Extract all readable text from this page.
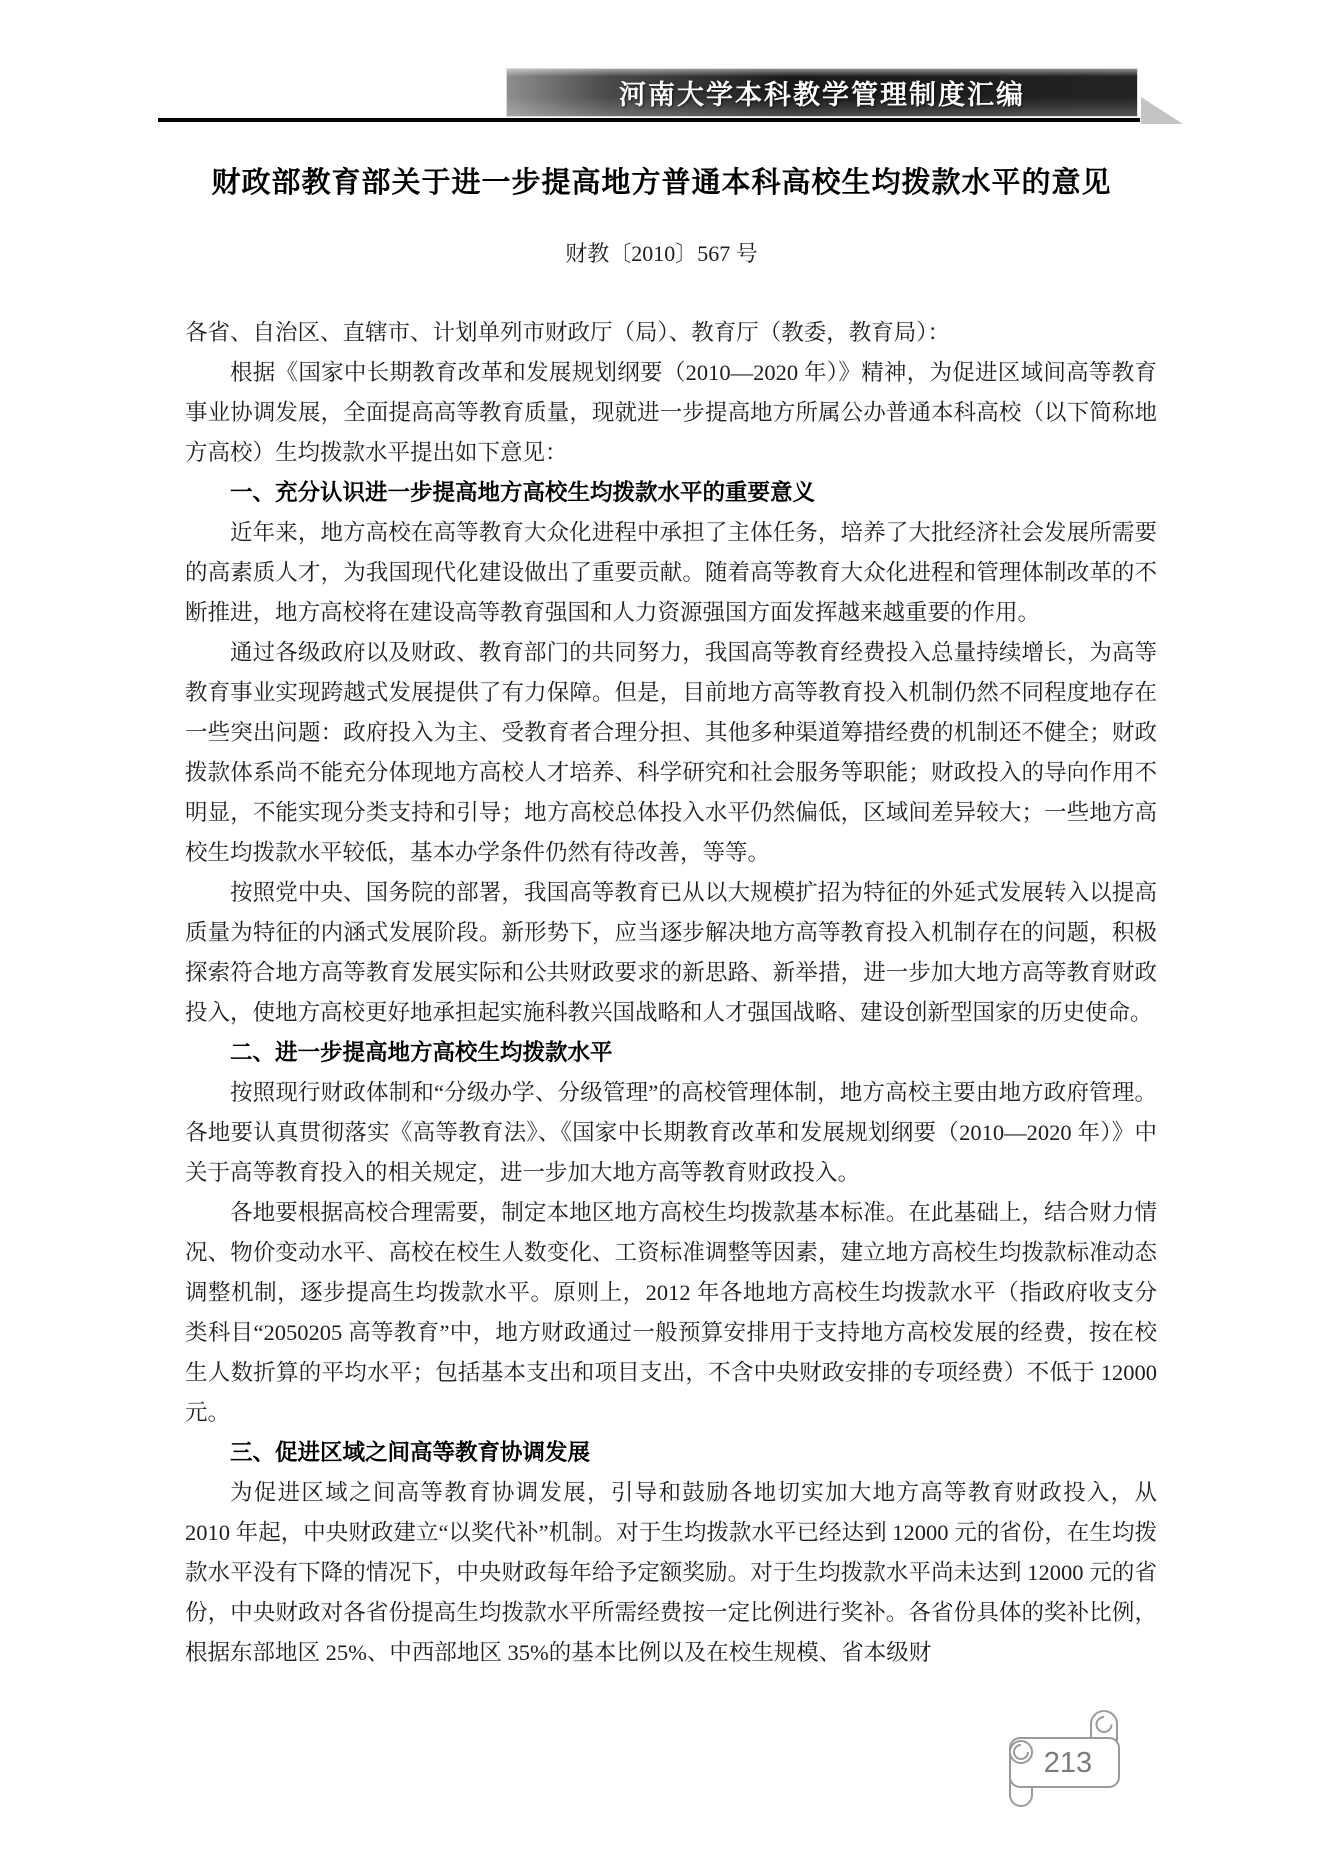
河南大学本科教学管理制度汇编
财政部教育部关于进一步提高地方普通本科高校生均拨款水平的意见
财教〔2010〕567 号

各省、自治区、直辖市、计划单列市财政厅（局）、教育厅（教委，教育局）：

根据《国家中长期教育改革和发展规划纲要（2010—2020 年）》精神，为促进区域间高等教育事业协调发展，全面提高高等教育质量，现就进一步提高地方所属公办普通本科高校（以下简称地方高校）生均拨款水平提出如下意见：

一、充分认识进一步提高地方高校生均拨款水平的重要意义

近年来，地方高校在高等教育大众化进程中承担了主体任务，培养了大批经济社会发展所需要的高素质人才，为我国现代化建设做出了重要贡献。随着高等教育大众化进程和管理体制改革的不断推进，地方高校将在建设高等教育强国和人力资源强国方面发挥越来越重要的作用。

通过各级政府以及财政、教育部门的共同努力，我国高等教育经费投入总量持续增长，为高等教育事业实现跨越式发展提供了有力保障。但是，目前地方高等教育投入机制仍然不同程度地存在一些突出问题：政府投入为主、受教育者合理分担、其他多种渠道筹措经费的机制还不健全；财政拨款体系尚不能充分体现地方高校人才培养、科学研究和社会服务等职能；财政投入的导向作用不明显，不能实现分类支持和引导；地方高校总体投入水平仍然偏低，区域间差异较大；一些地方高校生均拨款水平较低，基本办学条件仍然有待改善，等等。

按照党中央、国务院的部署，我国高等教育已从以大规模扩招为特征的外延式发展转入以提高质量为特征的内涵式发展阶段。新形势下，应当逐步解决地方高等教育投入机制存在的问题，积极探索符合地方高等教育发展实际和公共财政要求的新思路、新举措，进一步加大地方高等教育财政投入，使地方高校更好地承担起实施科教兴国战略和人才强国战略、建设创新型国家的历史使命。

二、进一步提高地方高校生均拨款水平

按照现行财政体制和“分级办学、分级管理”的高校管理体制，地方高校主要由地方政府管理。各地要认真贯彻落实《高等教育法》、《国家中长期教育改革和发展规划纲要（2010—2020 年）》中关于高等教育投入的相关规定，进一步加大地方高等教育财政投入。

各地要根据高校合理需要，制定本地区地方高校生均拨款基本标准。在此基础上，结合财力情况、物价变动水平、高校在校生人数变化、工资标准调整等因素，建立地方高校生均拨款标准动态调整机制，逐步提高生均拨款水平。原则上，2012 年各地地方高校生均拨款水平（指政府收支分类科目“2050205 高等教育”中，地方财政通过一般预算安排用于支持地方高校发展的经费，按在校生人数折算的平均水平；包括基本支出和项目支出，不含中央财政安排的专项经费）不低于 12000 元。

三、促进区域之间高等教育协调发展

为促进区域之间高等教育协调发展，引导和鼓励各地切实加大地方高等教育财政投入，从 2010 年起，中央财政建立“以奖代补”机制。对于生均拨款水平已经达到 12000 元的省份，在生均拨款水平没有下降的情况下，中央财政每年给予定额奖励。对于生均拨款水平尚未达到 12000 元的省份，中央财政对各省份提高生均拨款水平所需经费按一定比例进行奖补。各省份具体的奖补比例，根据东部地区 25%、中西部地区 35%的基本比例以及在校生规模、省本级财

213
